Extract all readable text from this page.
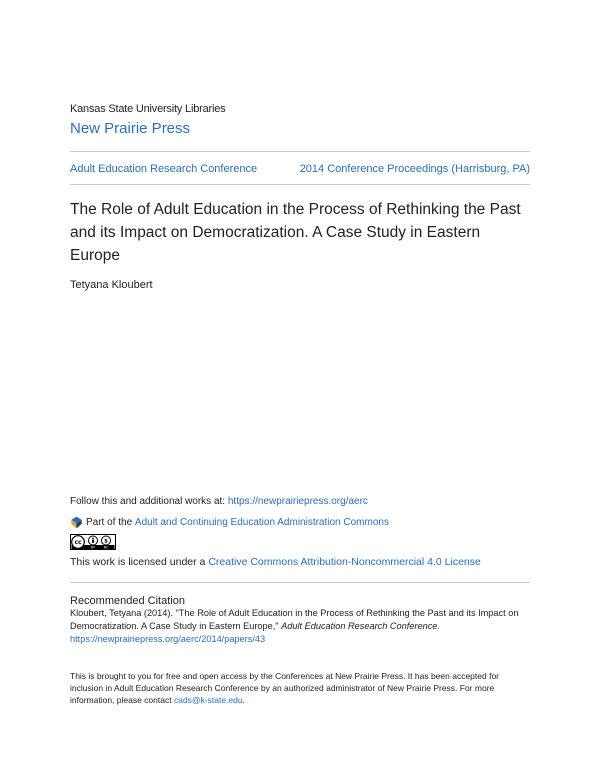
Kansas State University Libraries
New Prairie Press
Adult Education Research Conference	2014 Conference Proceedings (Harrisburg, PA)
The Role of Adult Education in the Process of Rethinking the Past and its Impact on Democratization. A Case Study in Eastern Europe
Tetyana Kloubert
Follow this and additional works at: https://newprairiepress.org/aerc
Part of the
Adult and Continuing Education Administration Commons
cc	$
BY	NC
This work is licensed under a Creative Commons Attribution-Noncommercial 4.0 License
Recommended Citation
Kloubert, Tetyana (2014). "The Role of Adult Education in the Process of Rethinking the Past and its Impact on Democratization. A Case Study in Eastern Europe," Adult Education Research Conference.
https://newprairiepress.org/aerc/2014/papers/43
This is brought to you for free and open access by the Conferences at New Prairie Press. It has been accepted for inclusion in Adult Education Research Conference by an authorized administrator of New Prairie Press. For more information, please contact cads@k-state.edu.
